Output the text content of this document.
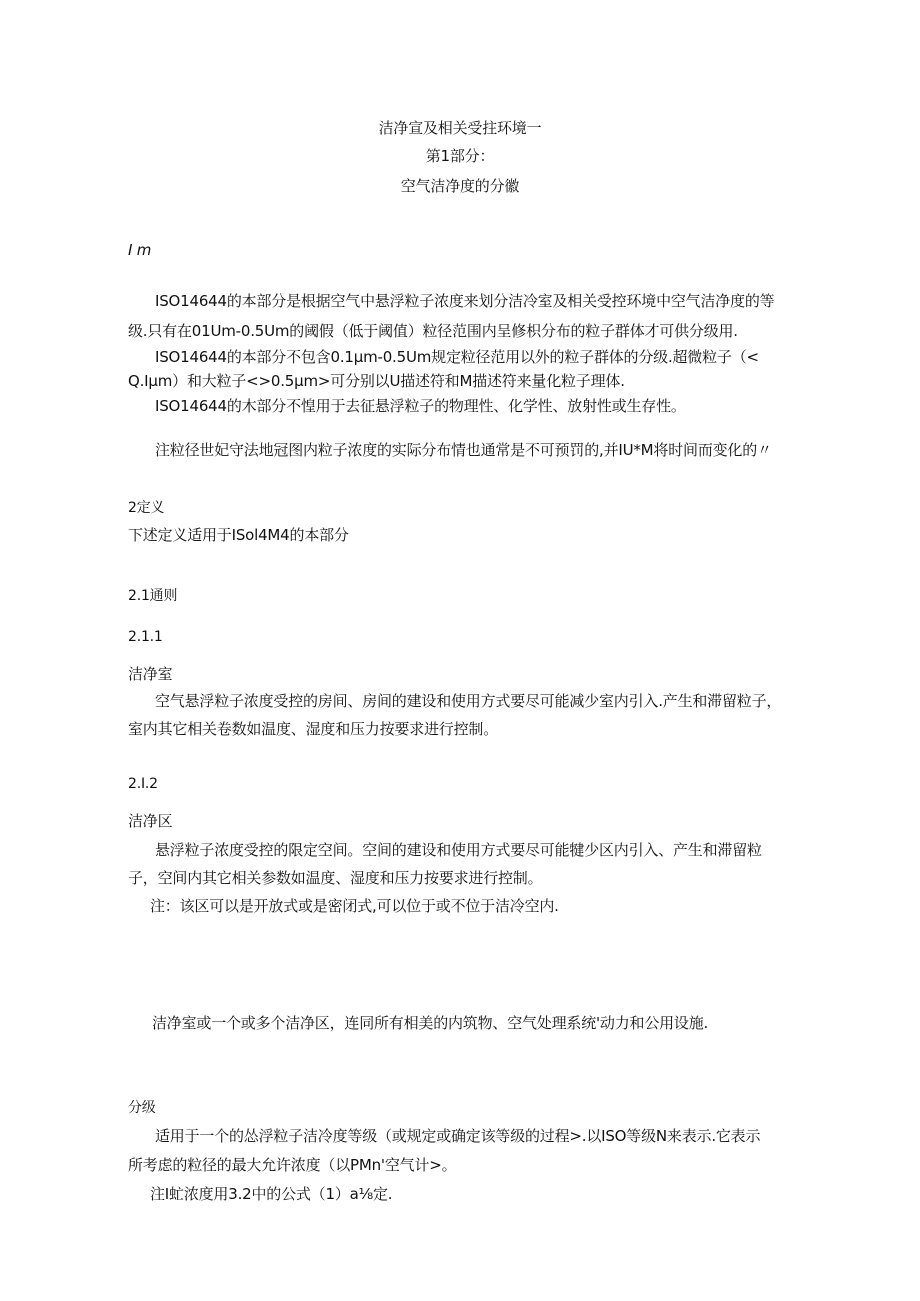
洁净宣及相关受拄环境一
第1部分：
空气洁净度的分徽
I m
ISO14644的本部分是根据空气中悬浮粒子浓度来划分洁冷室及相关受控环境中空气洁净度的等
级.只有在01Um-0.5Um的阈假（低于阈值）粒径范围内呈修枳分布的粒子群体才可供分级用.
ISO14644的本部分不包含0.1μm-0.5Um规定粒径范用以外的粒子群体的分级.超微粒子（<
Q.Iμm）和大粒子<>0.5μm>可分别以U描述符和M描述符来量化粒子理体.
ISO14644的木部分不惶用于去征悬浮粒子的物理性、化学性、放射性或生存性。
注粒径世妃守法地冠图内粒子浓度的实际分布情也通常是不可预罚的,并IU*M将时间而变化的〃
2定义
下述定义适用于ISol4M4的本部分
2.1通则
2.1.1
洁净室
空气悬浮粒子浓度受控的房间、房间的建设和使用方式要尽可能减少室内引入.产生和滞留粒子，
室内其它相关卷数如温度、湿度和压力按要求进行控制。
2.I.2
洁净区
悬浮粒子浓度受控的限定空间。空间的建设和使用方式要尽可能犍少区内引入、产生和滞留粒
子，空间内其它相关参数如温度、湿度和压力按要求进行控制。
注：该区可以是开放式或是密闭式,可以位于或不位于洁冷空内.
洁净室或一个或多个洁净区，连同所有相美的内筑物、空气处理系统'动力和公用设施.
分级
适用于一个的怂浮粒子洁冷度等级（或规定或确定该等级的过程>.以ISO等级N来表示.它表示
所考虑的粒径的最大允许浓度（以PMn'空气计>。
注Ⅰ虻浓度用3.2中的公式（1）a⅛定.
